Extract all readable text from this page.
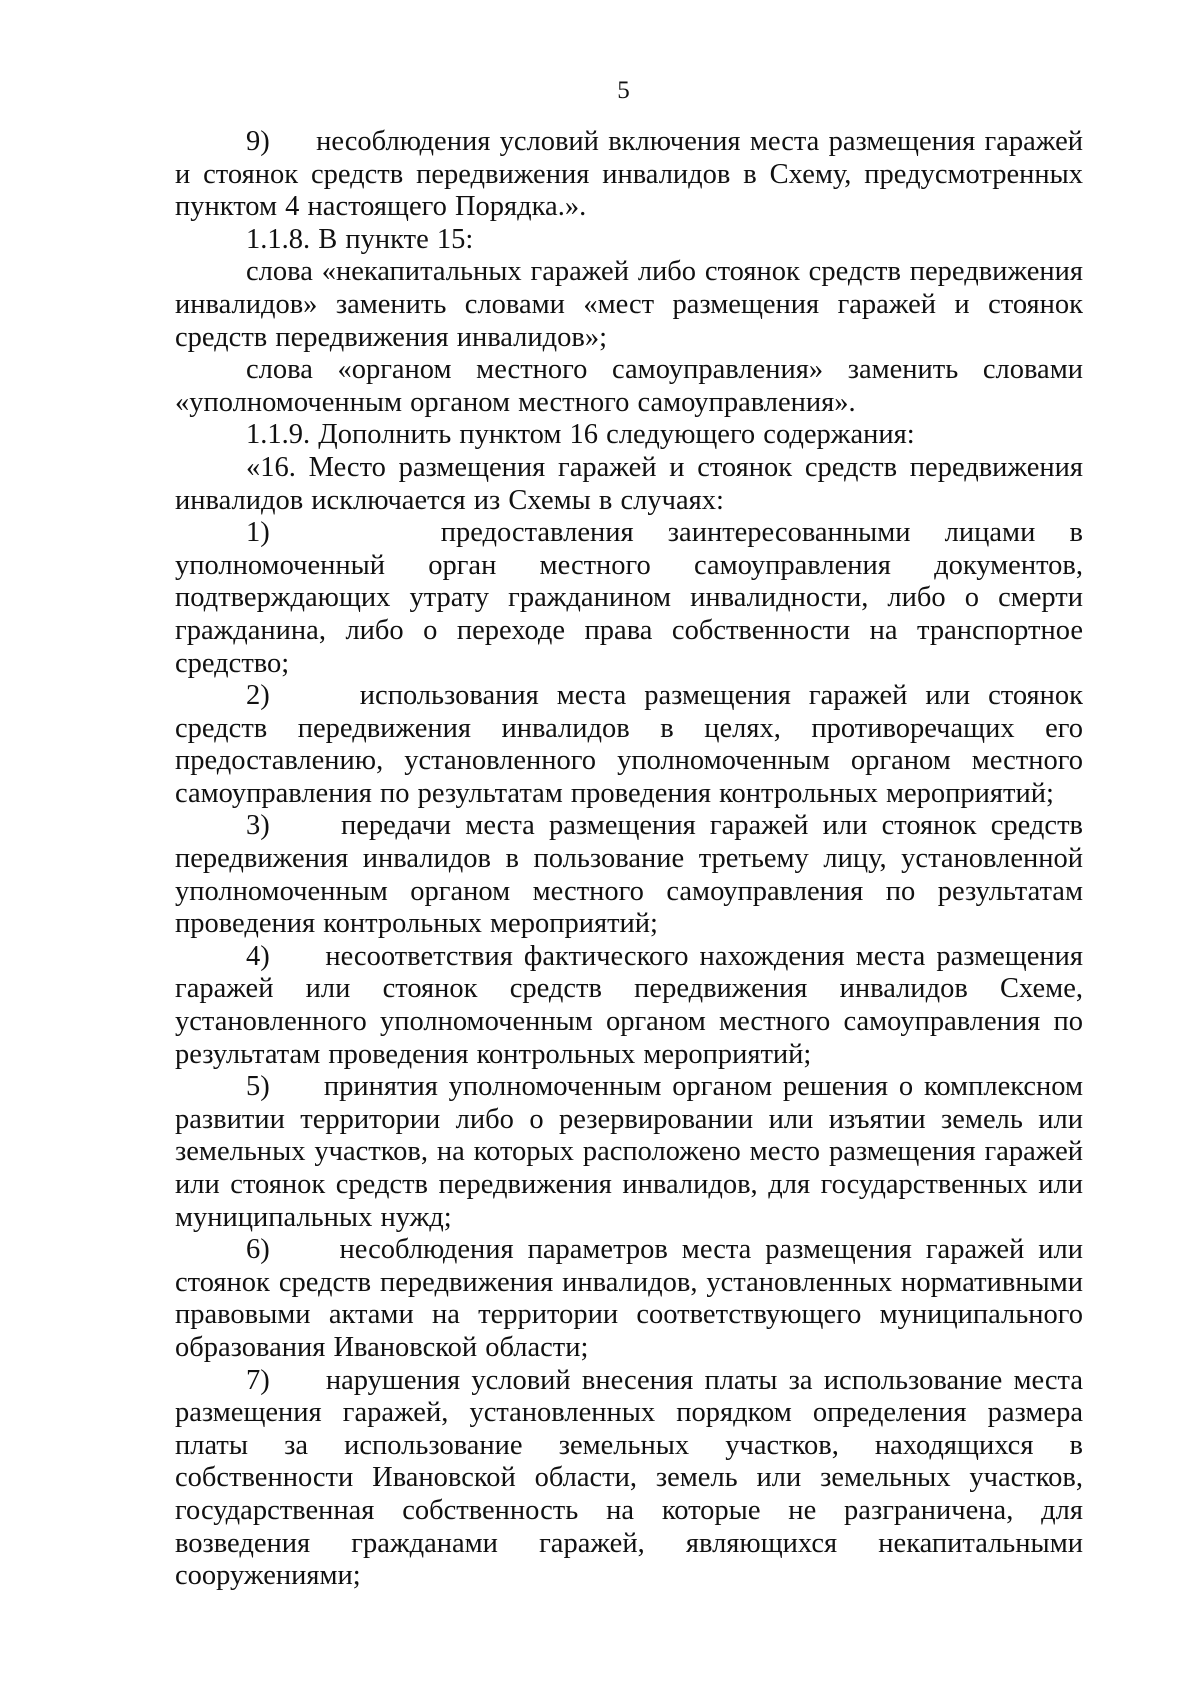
5

9)     несоблюдения условий включения места размещения гаражей и стоянок средств передвижения инвалидов в Схему, предусмотренных пунктом 4 настоящего Порядка.».

1.1.8. В пункте 15:

слова «некапитальных гаражей либо стоянок средств передвижения инвалидов» заменить словами «мест размещения гаражей и стоянок средств передвижения инвалидов»;

слова «органом местного самоуправления» заменить словами «уполномоченным органом местного самоуправления».

1.1.9. Дополнить пунктом 16 следующего содержания:

«16. Место размещения гаражей и стоянок средств передвижения инвалидов исключается из Схемы в случаях:

1)     предоставления заинтересованными лицами в уполномоченный орган местного самоуправления документов, подтверждающих утрату гражданином инвалидности, либо о смерти гражданина, либо о переходе права собственности на транспортное средство;

2)     использования места размещения гаражей или стоянок средств передвижения инвалидов в целях, противоречащих его предоставлению, установленного уполномоченным органом местного самоуправления по результатам проведения контрольных мероприятий;

3)     передачи места размещения гаражей или стоянок средств передвижения инвалидов в пользование третьему лицу, установленной уполномоченным органом местного самоуправления по результатам проведения контрольных мероприятий;

4)     несоответствия фактического нахождения места размещения гаражей или стоянок средств передвижения инвалидов Схеме, установленного уполномоченным органом местного самоуправления по результатам проведения контрольных мероприятий;

5)     принятия уполномоченным органом решения о комплексном развитии территории либо о резервировании или изъятии земель или земельных участков, на которых расположено место размещения гаражей или стоянок средств передвижения инвалидов, для государственных или муниципальных нужд;

6)     несоблюдения параметров места размещения гаражей или стоянок средств передвижения инвалидов, установленных нормативными правовыми актами на территории соответствующего муниципального образования Ивановской области;

7)     нарушения условий внесения платы за использование места размещения гаражей, установленных порядком определения размера платы за использование земельных участков, находящихся в собственности Ивановской области, земель или земельных участков, государственная собственность на которые не разграничена, для возведения гражданами гаражей, являющихся некапитальными сооружениями;
